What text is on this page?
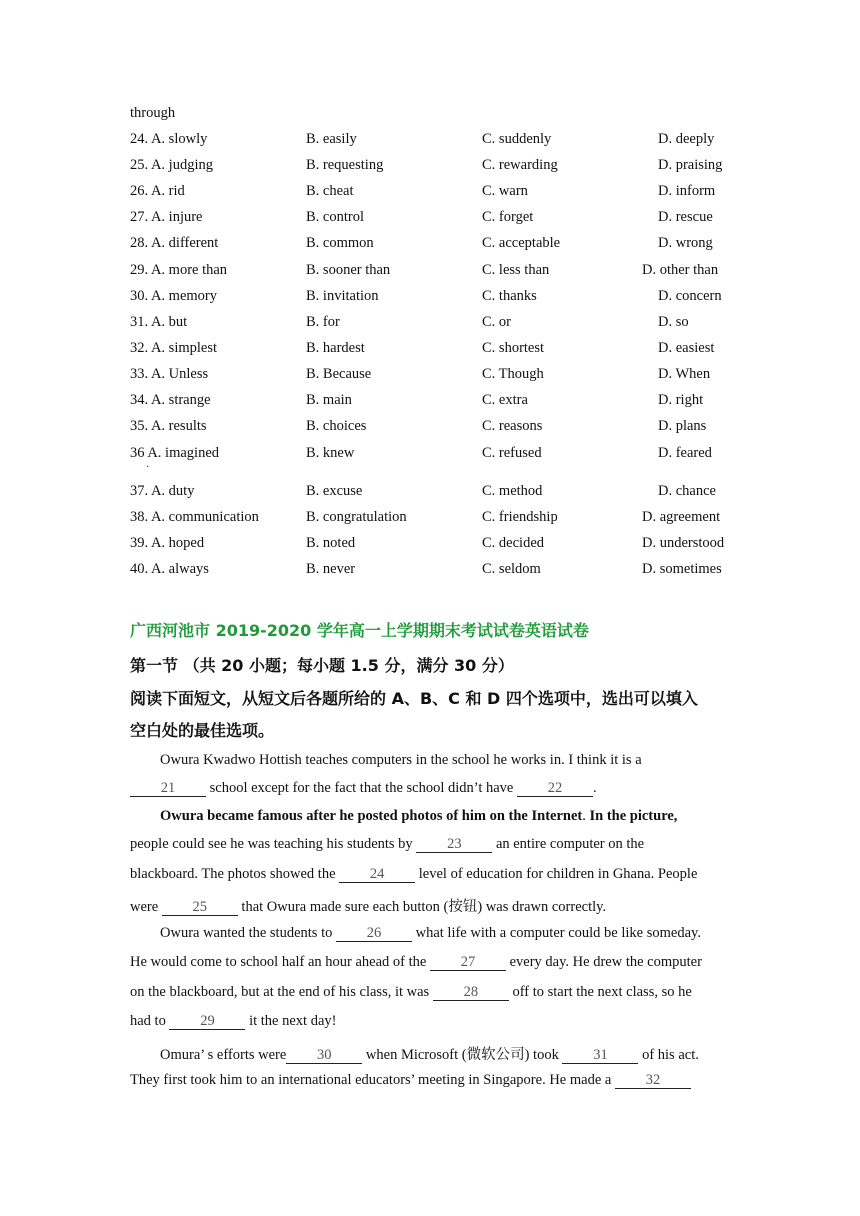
through
24. A. slowly	B. easily	C. suddenly	D. deeply
25. A. judging	B. requesting	C. rewarding	D. praising
26. A. rid	B. cheat	C. warn	D. inform
27. A. injure	B. control	C. forget	D. rescue
28. A. different	B. common	C. acceptable	D. wrong
29. A. more than	B. sooner than	C. less than	D. other than
30. A. memory	B. invitation	C. thanks	D. concern
31. A. but	B. for	C. or	D. so
32. A. simplest	B. hardest	C. shortest	D. easiest
33. A. Unless	B. Because	C. Though	D. When
34. A. strange	B. main	C. extra	D. right
35. A. results	B. choices	C. reasons	D. plans
36 A. imagined	B. knew	C. refused	D. feared
37. A. duty	B. excuse	C. method	D. chance
38. A. communication	B. congratulation	C. friendship	D. agreement
39. A. hoped	B. noted	C. decided	D. understood
40. A. always	B. never	C. seldom	D. sometimes
·
广西河池市 2019-2020 学年高一上学期期末考试试卷英语试卷
第一节 （共 20 小题；每小题 1.5 分，满分 30 分）
阅读下面短文，从短文后各题所给的 A、B、C 和 D 四个选项中，选出可以填入
空白处的最佳选项。
Owura Kwadwo Hottish teaches computers in the school he works in. I think it is a
21 school except for the fact that the school didn’t have 22 .
Owura became famous after he posted photos of him on the Internet. In the picture,
people could see he was teaching his students by 23 an entire computer on the
blackboard. The photos showed the 24 level of education for children in Ghana. People
were 25 that Owura made sure each button (按钮) was drawn correctly.
Owura wanted the students to 26 what life with a computer could be like someday.
He would come to school half an hour ahead of the 27 every day. He drew the computer
on the blackboard, but at the end of his class, it was 28 off to start the next class, so he
had to 29 it the next day!
Omura’ s efforts were 30 when Microsoft (微软公司) took 31 of his act.
They first took him to an international educators’ meeting in Singapore. He made a 32
